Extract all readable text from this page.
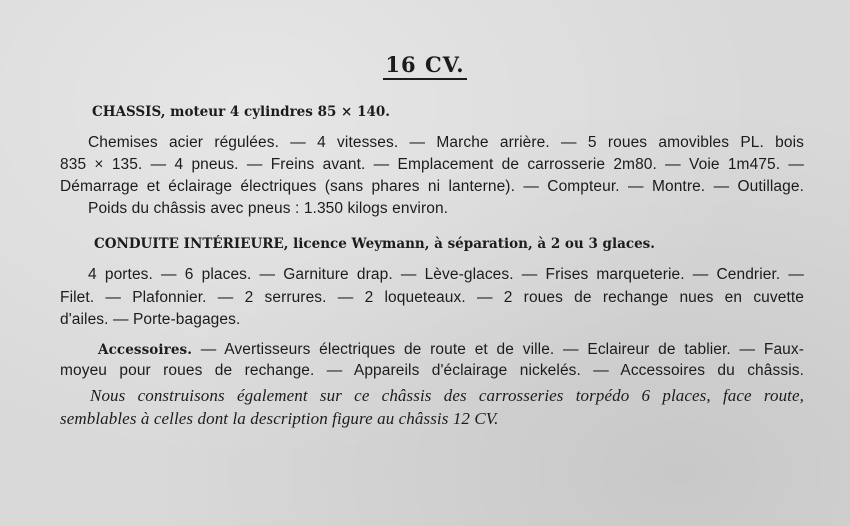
16 CV.
CHASSIS, moteur 4 cylindres 85 × 140.
Chemises acier régulées. — 4 vitesses. — Marche arrière. — 5 roues amovibles PL. bois
835 × 135. — 4 pneus. — Freins avant. — Emplacement de carrosserie 2m80. — Voie 1m475. —
Démarrage et éclairage électriques (sans phares ni lanterne). — Compteur. — Montre. — Outillage.
Poids du châssis avec pneus : 1.350 kilogs environ.
CONDUITE INTÉRIEURE, licence Weymann, à séparation, à 2 ou 3 glaces.
4 portes. — 6 places. — Garniture drap. — Lève-glaces. — Frises marqueterie. — Cendrier. —
Filet. — Plafonnier. — 2 serrures. — 2 loqueteaux. — 2 roues de rechange nues en cuvette
d'ailes. — Porte-bagages.
Accessoires. — Avertisseurs électriques de route et de ville. — Eclaireur de tablier. — Faux-
moyeu pour roues de rechange. — Appareils d'éclairage nickelés. — Accessoires du châssis.
Nous construisons également sur ce châssis des carrosseries torpédo 6 places, face route,
semblables à celles dont la description figure au châssis 12 CV.
